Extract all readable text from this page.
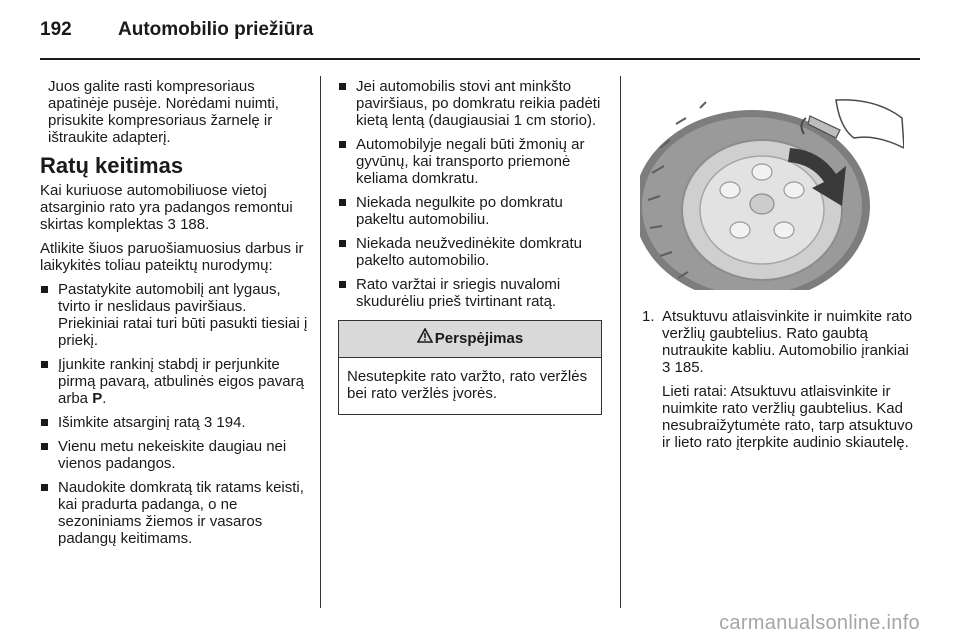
192 Automobilio priežiūra

Juos galite rasti kompresoriaus apatinėje pusėje. Norėdami nuimti, prisukite kompresoriaus žarnelę ir ištraukite adapterį.

Ratų keitimas

Kai kuriuose automobiliuose vietoj atsarginio rato yra padangos remontui skirtas komplektas 3 188.

Atlikite šiuos paruošiamuosius darbus ir laikykitės toliau pateiktų nurodymų:

Pastatykite automobilį ant lygaus, tvirto ir neslidaus paviršiaus. Priekiniai ratai turi būti pasukti tiesiai į priekį.
Įjunkite rankinį stabdį ir perjunkite pirmą pavarą, atbulinės eigos pavarą arba P.
Išimkite atsarginį ratą 3 194.
Vienu metu nekeiskite daugiau nei vienos padangos.
Naudokite domkratą tik ratams keisti, kai pradurta padanga, o ne sezoniniams žiemos ir vasaros padangų keitimams.
Jei automobilis stovi ant minkšto paviršiaus, po domkratu reikia padėti kietą lentą (daugiausiai 1 cm storio).
Automobilyje negali būti žmonių ar gyvūnų, kai transporto priemonė keliama domkratu.
Niekada negulkite po domkratu pakeltu automobiliu.
Niekada neužvedinėkite domkratu pakelto automobilio.
Rato varžtai ir sriegis nuvalomi skudurėliu prieš tvirtinant ratą.
Perspėjimas
Nesutepkite rato varžto, rato veržlės bei rato veržlės įvorės.
1. Atsuktuvu atlaisvinkite ir nuimkite rato veržlių gaubtelius. Rato gaubtą nutraukite kabliu. Automobilio įrankiai 3 185.
Lieti ratai: Atsuktuvu atlaisvinkite ir nuimkite rato veržlių gaubtelius. Kad nesubraižytumėte rato, tarp atsuktuvo ir lieto rato įterpkite audinio skiautelę.
carmanualsonline.info
